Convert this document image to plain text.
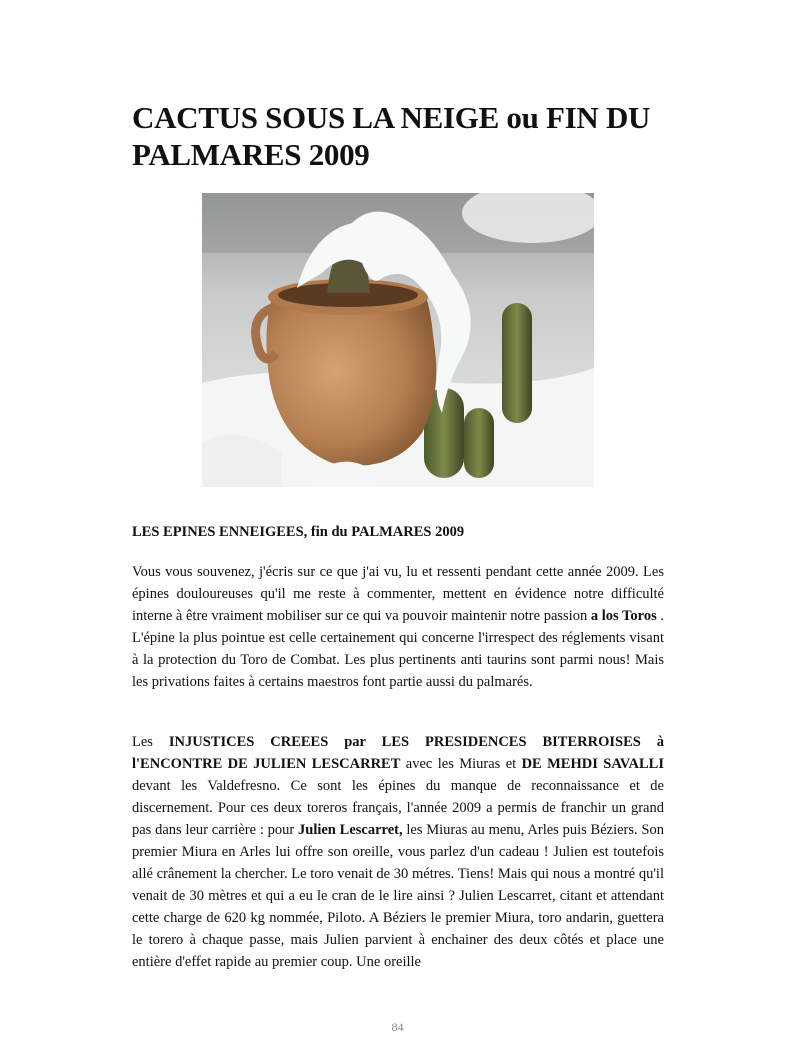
CACTUS SOUS LA NEIGE ou FIN DU PALMARES 2009

LES EPINES ENNEIGEES, fin du PALMARES 2009

Vous vous souvenez, j'écris sur ce que j'ai vu, lu et ressenti pendant cette année 2009. Les épines douloureuses qu'il me reste à commenter, mettent en évidence notre difficulté interne à être vraiment mobiliser sur ce qui va pouvoir maintenir notre passion a los Toros . L'épine la plus pointue est celle certainement qui concerne l'irrespect des réglements visant à la protection du Toro de Combat. Les plus pertinents anti taurins sont parmi nous! Mais les privations faites à certains maestros font partie aussi du palmarés.

Les INJUSTICES CREEES par LES PRESIDENCES BITERROISES à l'ENCONTRE DE JULIEN LESCARRET avec les Miuras et DE MEHDI SAVALLI devant les Valdefresno. Ce sont les épines du manque de reconnaissance et de discernement. Pour ces deux toreros français, l'année 2009 a permis de franchir un grand pas dans leur carrière : pour Julien Lescarret, les Miuras au menu, Arles puis Béziers. Son premier Miura en Arles lui offre son oreille, vous parlez d'un cadeau ! Julien est toutefois allé crânement la chercher. Le toro venait de 30 métres. Tiens! Mais qui nous a montré qu'il venait de 30 mètres et qui a eu le cran de le lire ainsi ? Julien Lescarret, citant et attendant cette charge de 620 kg nommée, Piloto. A Béziers le premier Miura, toro andarin, guettera le torero à chaque passe, mais Julien parvient à enchainer des deux côtés et place une entière d'effet rapide au premier coup. Une oreille

84
